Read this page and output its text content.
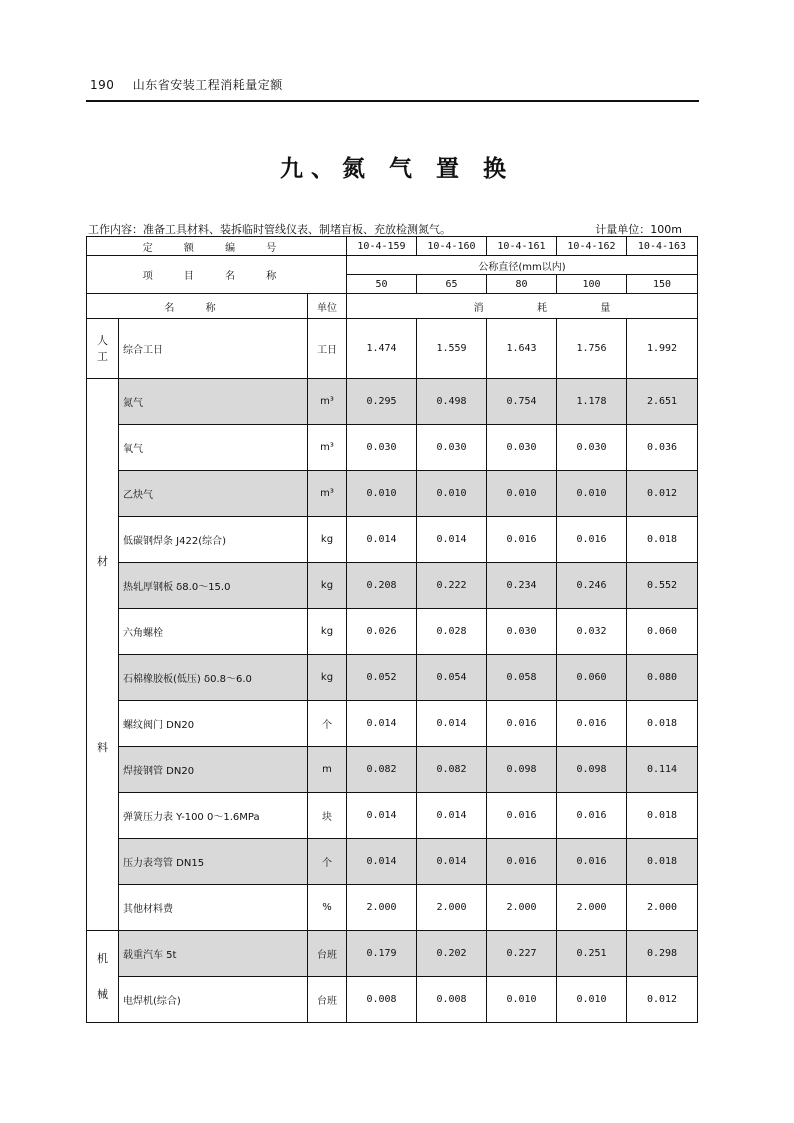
190 山东省安装工程消耗量定额
九、氮 气 置 换
工作内容：准备工具材料、装拆临时管线仪表、制堵盲板、充放检测氮气。	计量单位：100m
定 额 编 号			10-4-159	10-4-160	10-4-161	10-4-162	10-4-163
项 目 名 称			公称直径(mm以内)				
			50	65	80	100	150
名 称		单位	消 耗 量				

人
工	综合工日	工日	1.474	1.559	1.643	1.756	1.992

材
料	氮气	m³	0.295	0.498	0.754	1.178	2.651
	氧气	m³	0.030	0.030	0.030	0.030	0.036
	乙炔气	m³	0.010	0.010	0.010	0.010	0.012
	低碳钢焊条 J422(综合)	kg	0.014	0.014	0.016	0.016	0.018
	热轧厚钢板 δ8.0～15.0	kg	0.208	0.222	0.234	0.246	0.552
	六角螺栓	kg	0.026	0.028	0.030	0.032	0.060
	石棉橡胶板(低压) δ0.8～6.0	kg	0.052	0.054	0.058	0.060	0.080
	螺纹阀门 DN20	个	0.014	0.014	0.016	0.016	0.018
	焊接钢管 DN20	m	0.082	0.082	0.098	0.098	0.114
	弹簧压力表 Y-100 0～1.6MPa	块	0.014	0.014	0.016	0.016	0.018
	压力表弯管 DN15	个	0.014	0.014	0.016	0.016	0.018
	其他材料费	%	2.000	2.000	2.000	2.000	2.000

机
械	载重汽车 5t	台班	0.179	0.202	0.227	0.251	0.298
	电焊机(综合)	台班	0.008	0.008	0.010	0.010	0.012
